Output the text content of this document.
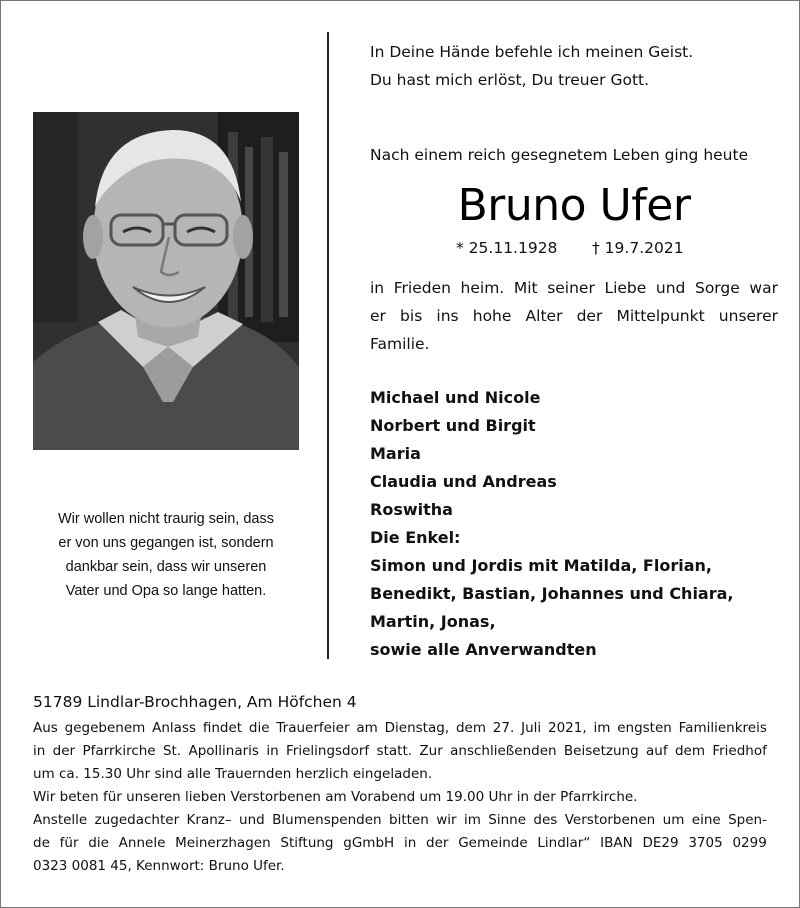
Wir wollen nicht traurig sein, dass
er von uns gegangen ist, sondern
dankbar sein, dass wir unseren
Vater und Opa so lange hatten.
In Deine Hände befehle ich meinen Geist.
Du hast mich erlöst, Du treuer Gott.
Nach einem reich gesegnetem Leben ging heute
Bruno Ufer
* 25.11.1928 † 19.7.2021
in Frieden heim. Mit seiner Liebe und Sorge war
er bis ins hohe Alter der Mittelpunkt unserer
Familie.
Michael und Nicole
Norbert und Birgit
Maria
Claudia und Andreas
Roswitha
Die Enkel:
Simon und Jordis mit Matilda, Florian,
Benedikt, Bastian, Johannes und Chiara,
Martin, Jonas,
sowie alle Anverwandten
51789 Lindlar-Brochhagen, Am Höfchen 4
Aus gegebenem Anlass findet die Trauerfeier am Dienstag, dem 27. Juli 2021, im engsten Familienkreis
in der Pfarrkirche St. Apollinaris in Frielingsdorf statt. Zur anschließenden Beisetzung auf dem Friedhof
um ca. 15.30 Uhr sind alle Trauernden herzlich eingeladen.
Wir beten für unseren lieben Verstorbenen am Vorabend um 19.00 Uhr in der Pfarrkirche.
Anstelle zugedachter Kranz– und Blumenspenden bitten wir im Sinne des Verstorbenen um eine Spen-
de für die Annele Meinerzhagen Stiftung gGmbH in der Gemeinde Lindlar“ IBAN DE29 3705 0299
0323 0081 45, Kennwort: Bruno Ufer.
